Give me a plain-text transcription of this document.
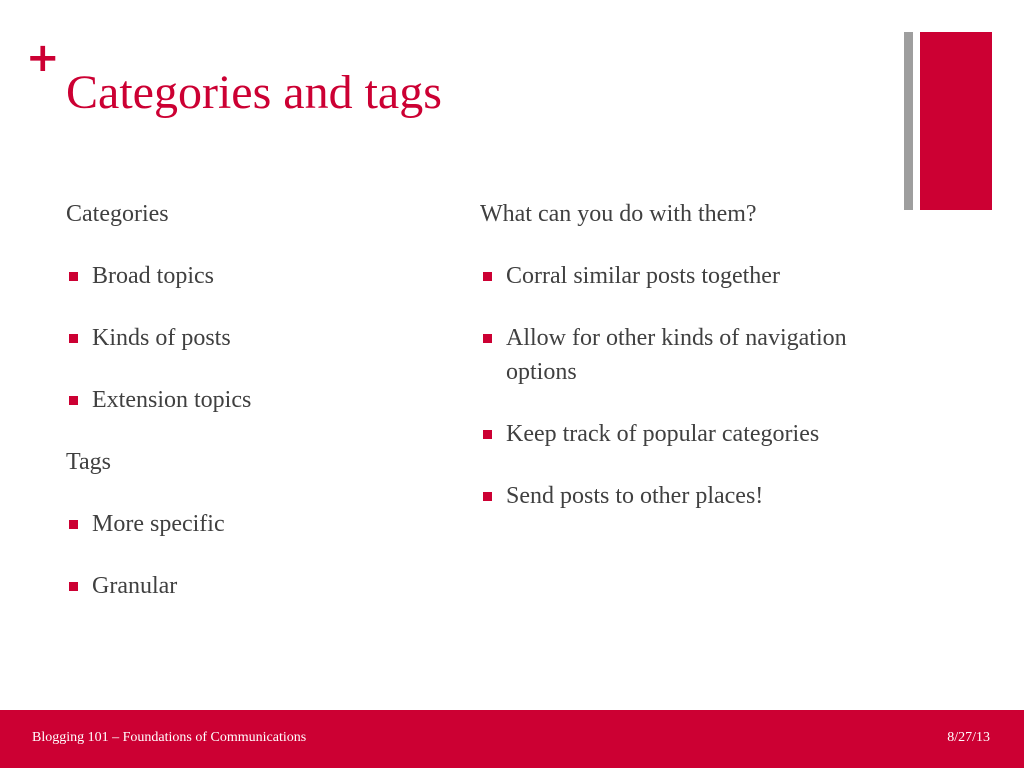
+
Categories and tags
Categories
Broad topics
Kinds of posts
Extension topics
Tags
More specific
Granular
What can you do with them?
Corral similar posts together
Allow for other kinds of navigation options
Keep track of popular categories
Send posts to other places!
Blogging 101 – Foundations of Communications	8/27/13
